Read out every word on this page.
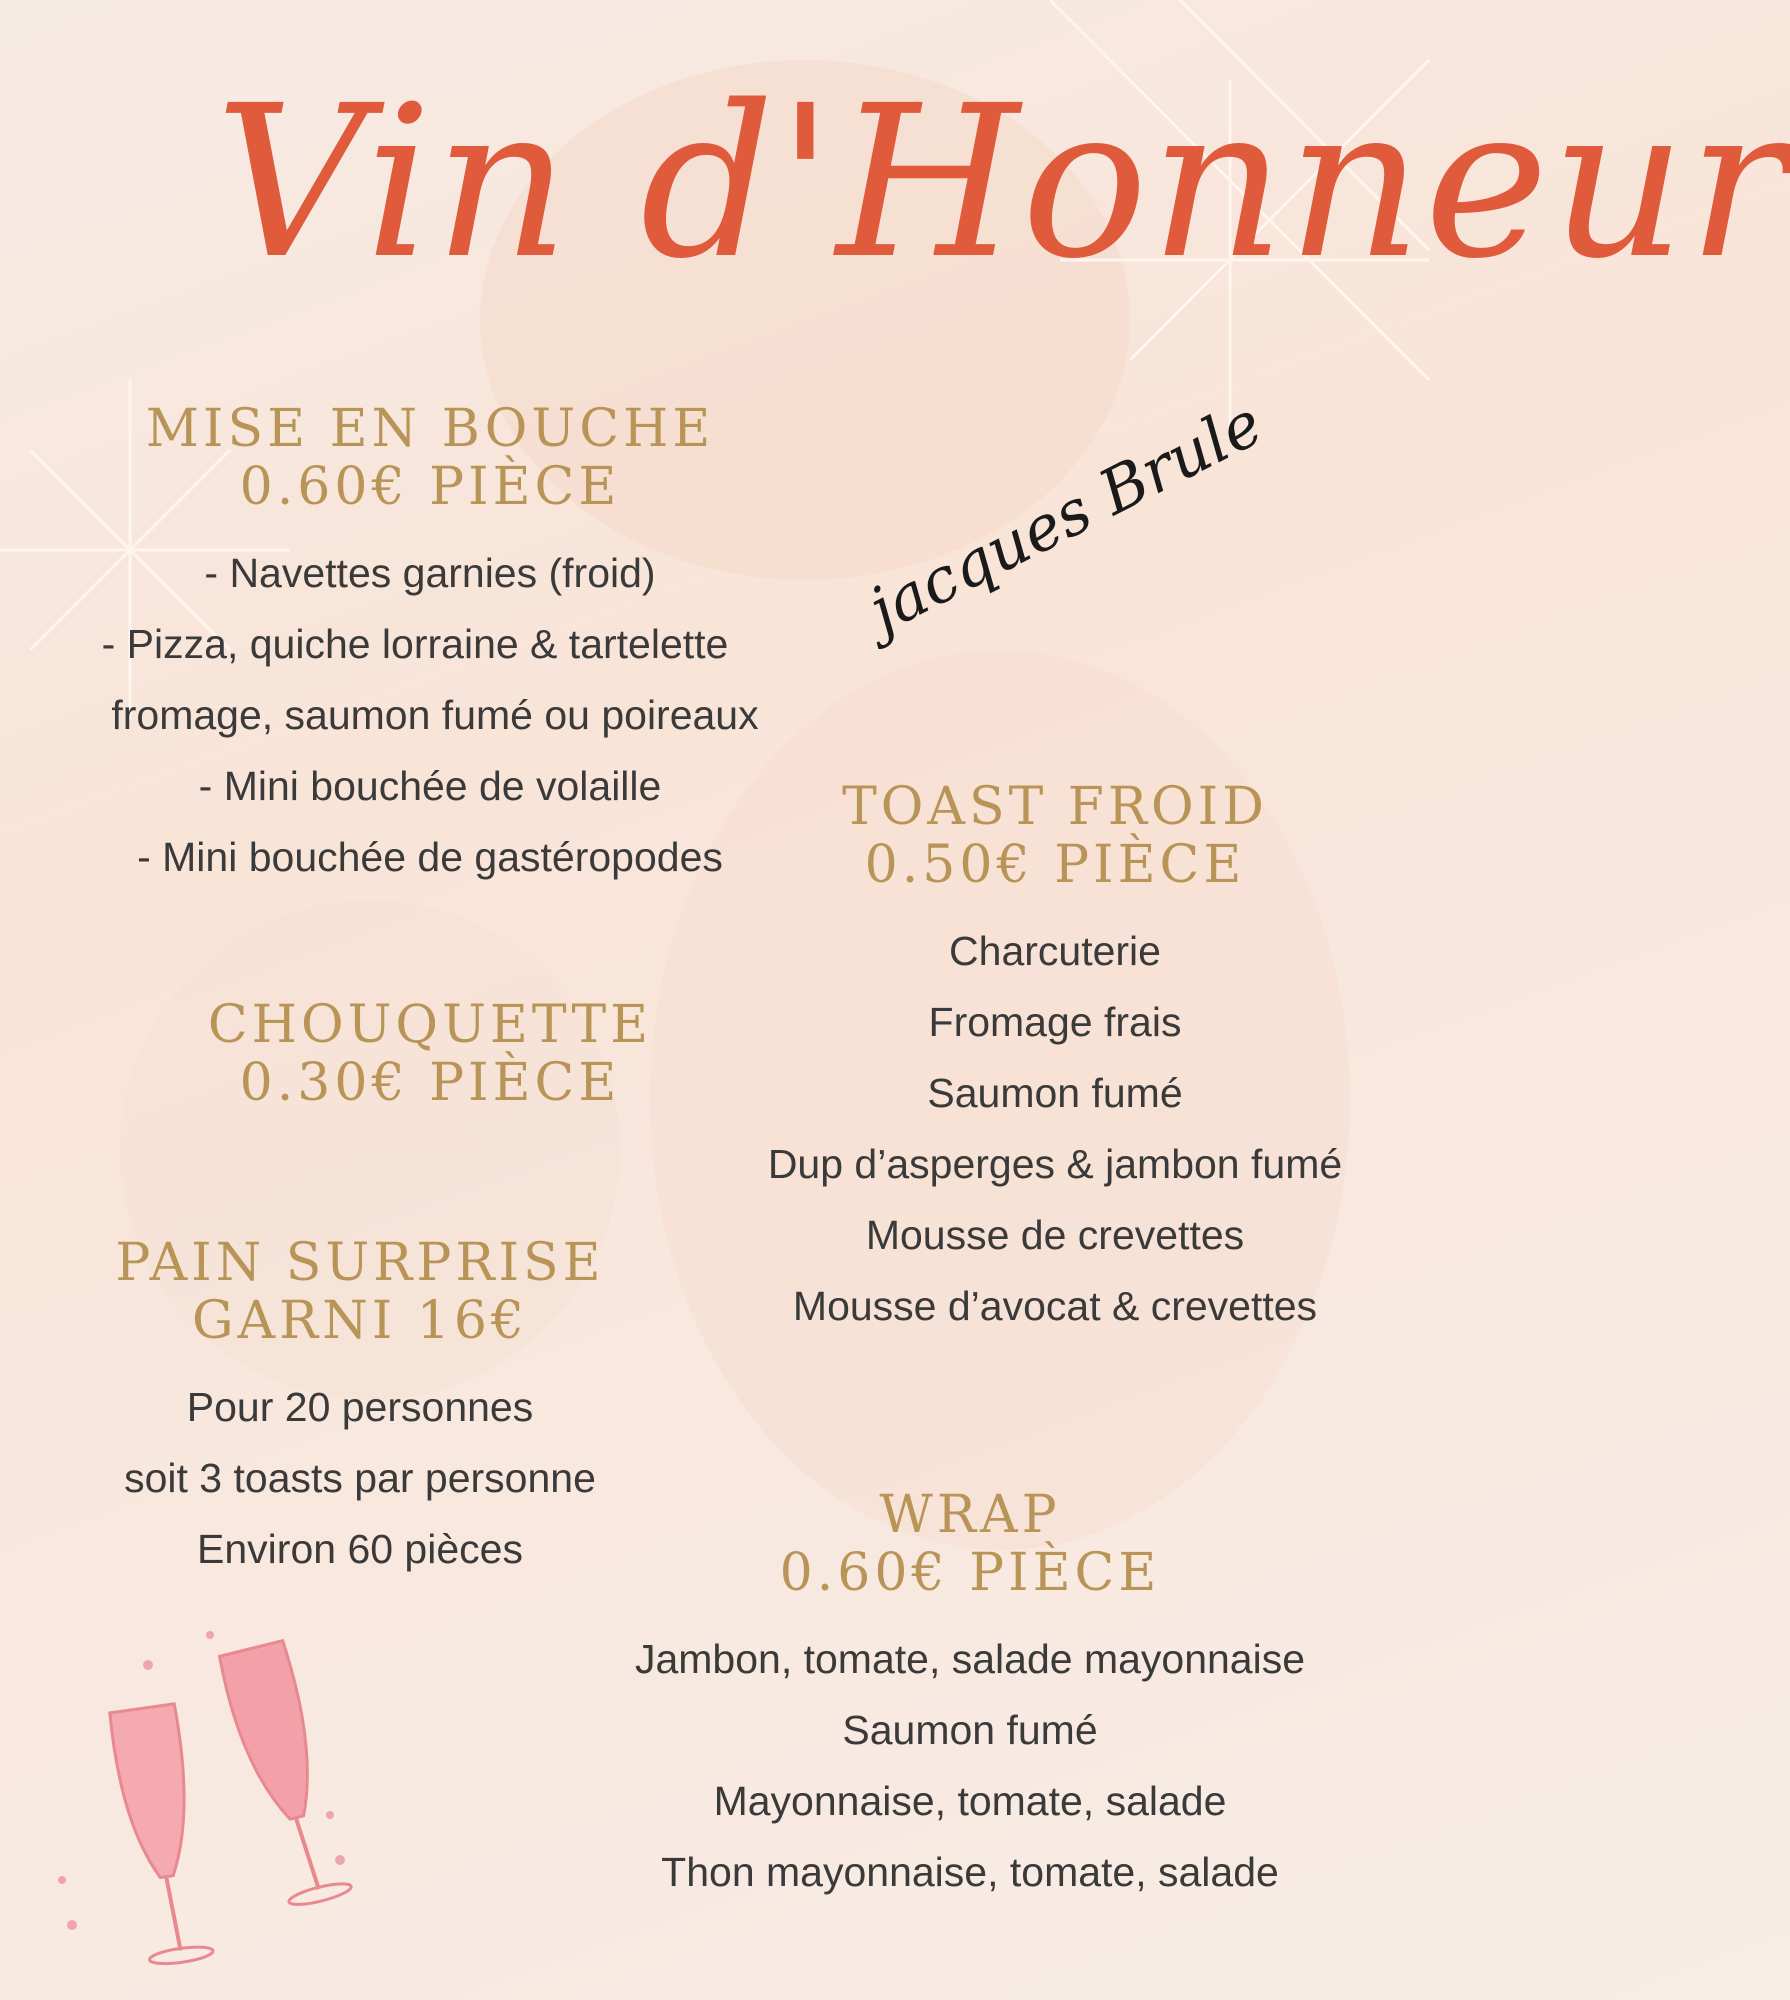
Vin d'Honneur
jacques Brule
MISE EN BOUCHE
0.60€ PIÈCE
- Navettes garnies (froid)
- Pizza, quiche lorraine & tartelette
fromage, saumon fumé ou poireaux
- Mini bouchée de volaille
- Mini bouchée de gastéropodes
TOAST FROID
0.50€ PIÈCE
Charcuterie
Fromage frais
Saumon fumé
Dup d’asperges & jambon fumé
Mousse de crevettes
Mousse d’avocat & crevettes
CHOUQUETTE
0.30€ PIÈCE
PAIN SURPRISE
GARNI 16€
Pour 20 personnes
soit 3 toasts par personne
Environ 60 pièces
WRAP
0.60€ PIÈCE
Jambon, tomate, salade mayonnaise
Saumon fumé
Mayonnaise, tomate, salade
Thon mayonnaise, tomate, salade
